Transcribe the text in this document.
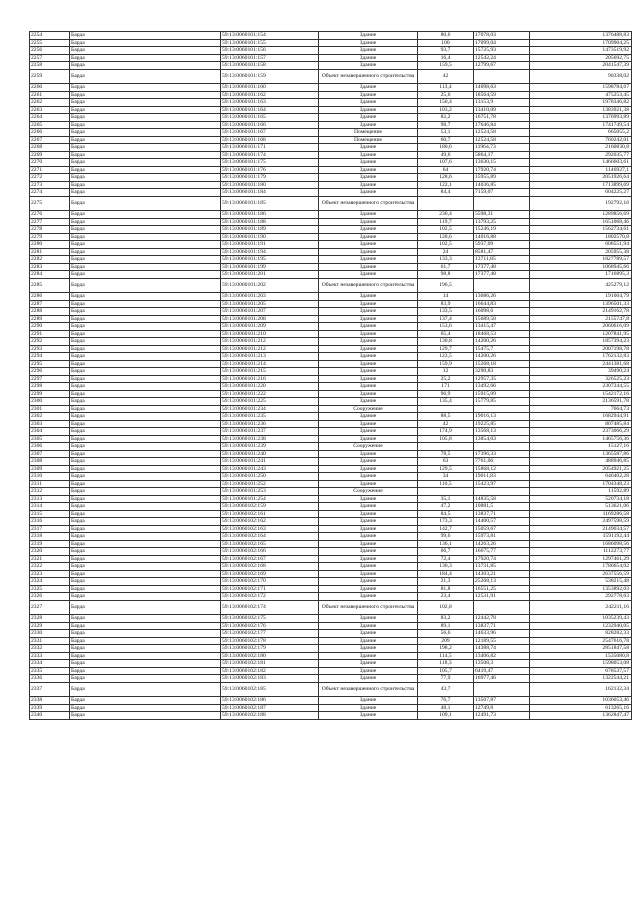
2254	Барда	59:13:0060101:154	Здание	80,6	17078,03	1376488,83
2255	Барда	59:13:0060101:155	Здание	100	17099,04	1709904,25
2256	Барда	59:13:0060101:156	Здание	93,7	15725,93	1473519,92
2257	Барда	59:13:0060101:157	Здание	16,4	12542,24	205692,75
2258	Барда	59:13:0060101:158	Здание	159,5	12799,67	2041547,39
2259	Барда	59:13:0060101:159	Объект незавершенного строительства	42		90338,02
2260	Барда	59:13:0060101:160	Здание	113,4	14098,63	1598784,67
2261	Барда	59:13:0060101:162	Здание	25,6	18564,59	475253,45
2262	Барда	59:13:0060101:163	Здание	150,4	13153,9	1978346,82
2263	Барда	59:13:0060101:164	Здание	103,2	13410,09	1383921,38
2264	Барда	59:13:0060101:165	Здание	82,2	16751,78	1376993,89
2265	Барда	59:13:0060101:166	Здание	98,7	17646,84	1741749,54
2266	Барда	59:13:0060101:167	Помещение	53,1	12524,58	665055,2
2267	Барда	59:13:0060101:168	Помещение	60,7	12524,58	760242,01
2268	Барда	59:13:0060101:171	Здание	180,6	11964,73	2160830,8
2269	Барда	59:13:0060101:174	Здание	49,6	5864,17	292035,77
2270	Барда	59:13:0060101:175	Здание	107,6	13630,15	1466603,61
2271	Барда	59:13:0060101:176	Здание	64	17920,74	1146927,1
2272	Барда	59:13:0060101:179	Здание	128,6	15955,89	2051926,64
2273	Барда	59:13:0060101:180	Здание	122,1	14036,85	1713899,69
2274	Барда	59:13:0060101:184	Здание	84,4	7159,07	604225,27
2275	Барда	59:13:0060101:185	Объект незавершенного строительства			192792,16
2276	Барда	59:13:0060101:186	Здание	230,4	5598,31	1289856,69
2277	Барда	59:13:0060101:188	Здание	119,7	13793,25	1651068,46
2278	Барда	59:13:0060101:189	Здание	102,5	15246,19	1562734,61
2279	Барда	59:13:0060101:190	Здание	128,6	14016,88	1802570,8
2280	Барда	59:13:0060101:191	Здание	102,5	5937,09	608551,94
2281	Барда	59:13:0060101:194	Здание	24	8581,47	205955,38
2282	Барда	59:13:0060101:195	Здание	133,3	13711,85	1827789,57
2283	Барда	59:13:0060101:199	Здание	61,7	17377,48	1068945,66
2284	Барда	59:13:0060101:201	Здание	98,8	17377,48	1716895,3
2285	Барда	59:13:0060101:202	Объект незавершенного строительства	196,5		425279,12
2286	Барда	59:13:0060101:203	Здание	14	13686,26	191604,79
2287	Барда	59:13:0060101:205	Здание	83,9	16644,83	1396501,33
2288	Барда	59:13:0060101:207	Здание	133,5	16098,6	2149162,78
2289	Барда	59:13:0060101:208	Здание	137,4	15689,58	2155747,8
2290	Барда	59:13:0060101:209	Здание	153,6	13415,47	2060616,09
2291	Барда	59:13:0060101:210	Здание	65,4	18468,53	1207841,95
2292	Барда	59:13:0060101:212	Здание	130,8	14200,26	1857394,23
2293	Барда	59:13:0060101:212	Здание	129,7	15475,7	2007198,78
2294	Барда	59:13:0060101:213	Здание	123,5	14200,26	1762132,83
2295	Барда	59:13:0060101:214	Здание	159,9	15268,18	2441381,68
2296	Барда	59:13:0060101:215	Здание	12	3290,83	39490,24
2297	Барда	59:13:0060101:216	Здание	25,2	12957,35	326525,23
2298	Барда	59:13:0060101:220	Здание	171	13492,66	2307244,55
2299	Барда	59:13:0060101:222	Здание	96,9	15915,09	1542172,16
2300	Барда	59:13:0060101:225	Здание	135,4	15779,85	2136591,78
2301	Барда	59:13:0060101:234	Сооружение			7664,73
2302	Барда	59:13:0060101:235	Здание	88,5	19016,13	1682944,91
2303	Барда	59:13:0060101:236	Здание	42	19225,85	807485,84
2304	Барда	59:13:0060101:237	Здание	174,9	13568,13	2373066,29
2305	Барда	59:13:0060101:238	Здание	105,8	13854,03	1465756,36
2306	Барда	59:13:0060101:239	Сооружение			15127,16
2307	Барда	59:13:0060101:240	Здание	78,5	17396,33	1365587,86
2308	Барда	59:13:0060101:241	Здание	63	7761,06	488946,85
2309	Барда	59:13:0060101:243	Здание	129,5	15868,12	2054921,25
2310	Барда	59:13:0060101:250	Здание	34	19011,83	646402,28
2311	Барда	59:13:0060101:252	Здание	110,5	15423,97	1704348,23
2312	Барда	59:13:0060101:253	Сооружение			11592,89
2313	Барда	59:13:0060101:254	Здание	35,1	14835,58	520734,18
2314	Барда	59:13:0060102:159	Здание	47,2	10881,5	513621,06
2315	Барда	59:13:0060102:161	Здание	84,5	13837,71	1169286,58
2316	Барда	59:13:0060102:162	Здание	173,3	14400,57	2497598,59
2317	Барда	59:13:0060102:163	Здание	142,7	15059,67	2149034,57
2318	Барда	59:13:0060102:164	Здание	99,6	15973,81	1591192,44
2319	Барда	59:13:0060102:165	Здание	136,1	14263,26	1686098,56
2320	Барда	59:13:0060102:166	Здание	66,7	16675,77	1112273,77
2321	Барда	59:13:0060102:167	Здание	72,4	17920,74	1297461,29
2322	Барда	59:13:0060102:168	Здание	130,3	13731,85	1786654,02
2323	Барда	59:13:0060102:169	Здание	184,4	14303,21	2637556,59
2324	Барда	59:13:0060102:170	Здание	21,3	25268,13	538215,48
2325	Барда	59:13:0060102:171	Здание	81,8	16551,25	1353892,03
2326	Барда	59:13:0060102:172	Здание	23,4	12531,91	292778,63
2327	Барда	59:13:0060102:174	Объект незавершенного строительства	102,8		242211,16
2328	Барда	59:13:0060102:175	Здание	83,2	12442,78	1035239,43
2329	Барда	59:13:0060102:176	Здание	89,1	13837,71	1232940,05
2330	Барда	59:13:0060102:177	Здание	56,6	14633,96	828282,33
2331	Барда	59:13:0060102:178	Здание	209	12189,55	2547616,78
2332	Барда	59:13:0060102:179	Здание	198,2	14388,74	2851847,58
2333	Барда	59:13:0060102:180	Здание	114,5	13406,82	1535080,8
2334	Барда	59:13:0060102:181	Здание	118,3	13508,3	1598053,08
2335	Барда	59:13:0060102:182	Здание	105,7	6419,47	678537,57
2336	Барда	59:13:0060102:183	Здание	77,9	16977,46	1322544,21
2337	Барда	59:13:0060102:185	Объект незавершенного строительства	43,7		162132,34
2338	Барда	59:13:0060102:186	Здание	76,7	13507,87	1036053,46
2339	Барда	59:13:0060102:187	Здание	48,1	12749,8	613265,16
2340	Барда	59:13:0060102:188	Здание	109,1	12491,73	1362847,47
